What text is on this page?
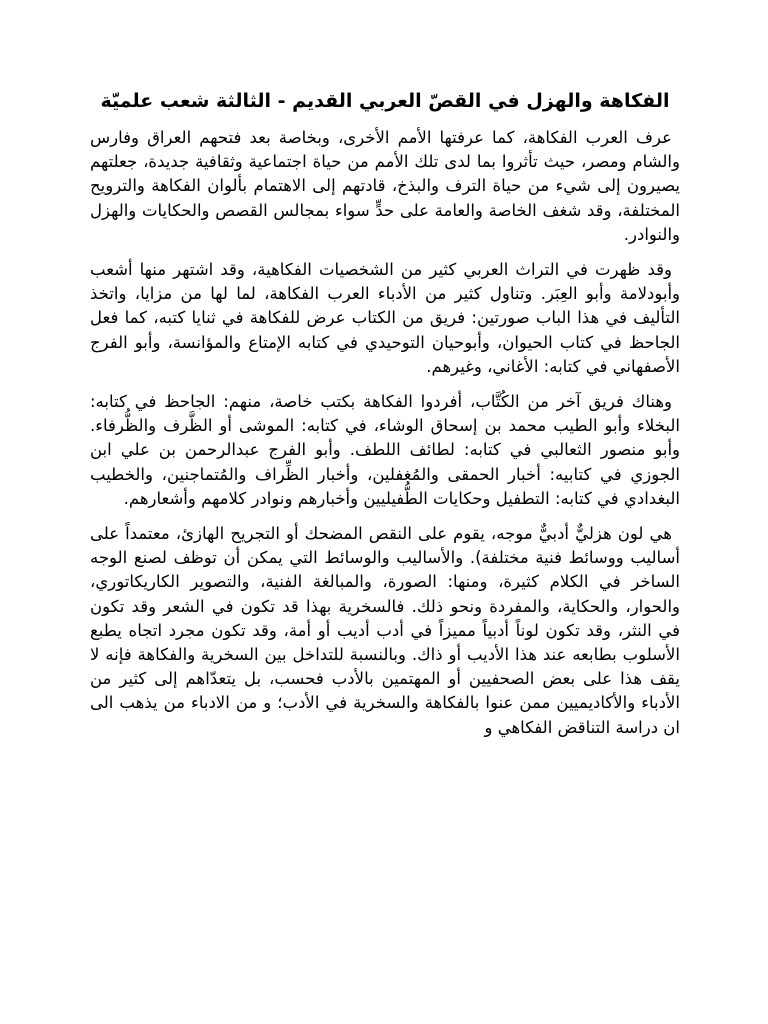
الفكاهة والهزل في القصّ العربي القديم - الثالثة شعب علميّة

عرف العرب الفكاهة، كما عرفتها الأمم الأخرى، وبخاصة بعد فتحهم العراق وفارس والشام ومصر، حيث تأثروا بما لدى تلك الأمم من حياة اجتماعية وثقافية جديدة، جعلتهم يصيرون إلى شيء من حياة الترف والبذخ، قادتهم إلى الاهتمام بألوان الفكاهة والترويح المختلفة، وقد شغف الخاصة والعامة على حدٍّ سواء بمجالس القصص والحكايات والهزل والنوادر.

وقد ظهرت في التراث العربي كثير من الشخصيات الفكاهية، وقد اشتهر منها أشعب وأبودلامة وأبو العِبَر. وتناول كثير من الأدباء العرب الفكاهة، لما لها من مزايا، واتخذ التأليف في هذا الباب صورتين: فريق من الكتاب عرض للفكاهة في ثنايا كتبه، كما فعل الجاحظ في كتاب الحيوان، وأبوحيان التوحيدي في كتابه الإمتاع والمؤانسة، وأبو الفرج الأصفهاني في كتابه: الأغاني، وغيرهم.

وهناك فريق آخر من الكُتَّاب، أفردوا الفكاهة بكتب خاصة، منهم: الجاحظ في كتابه: البخلاء وأبو الطيب محمد بن إسحاق الوشاء، في كتابه: الموشى أو الظَّرف والظُّرفاء. وأبو منصور الثعالبي في كتابه: لطائف اللطف. وأبو الفرج عبدالرحمن بن علي ابن الجوزي في كتابيه: أخبار الحمقى والمُغفلين، وأخبار الظِّراف والمُتماجنين، والخطيب البغدادي في كتابه: التطفيل وحكايات الطُّفيليين وأخبارهم ونوادر كلامهم وأشعارهم.

هي لون هزليٌّ أدبيٌّ موجه، يقوم على النقص المضحك أو التجريح الهازئ، معتمداً على أساليب ووسائط فنية مختلفة). والأساليب والوسائط التي يمكن أن توظف لصنع الوجه الساخر في الكلام كثيرة، ومنها: الصورة، والمبالغة الفنية، والتصوير الكاريكاتوري، والحوار، والحكاية، والمفردة ونحو ذلك. فالسخرية بهذا قد تكون في الشعر وقد تكون في النثر، وقد تكون لوناً أدبياً مميزاً في أدب أديب أو أمة، وقد تكون مجرد اتجاه يطبع الأسلوب بطابعه عند هذا الأديب أو ذاك. وبالنسبة للتداخل بين السخرية والفكاهة فإنه لا يقف هذا على بعض الصحفيين أو المهتمين بالأدب فحسب، بل يتعدّاهم إلى كثير من الأدباء والأكاديميين ممن عنوا بالفكاهة والسخرية في الأدب؛ و من الادباء من يذهب الى ان دراسة التناقض الفكاهي و
